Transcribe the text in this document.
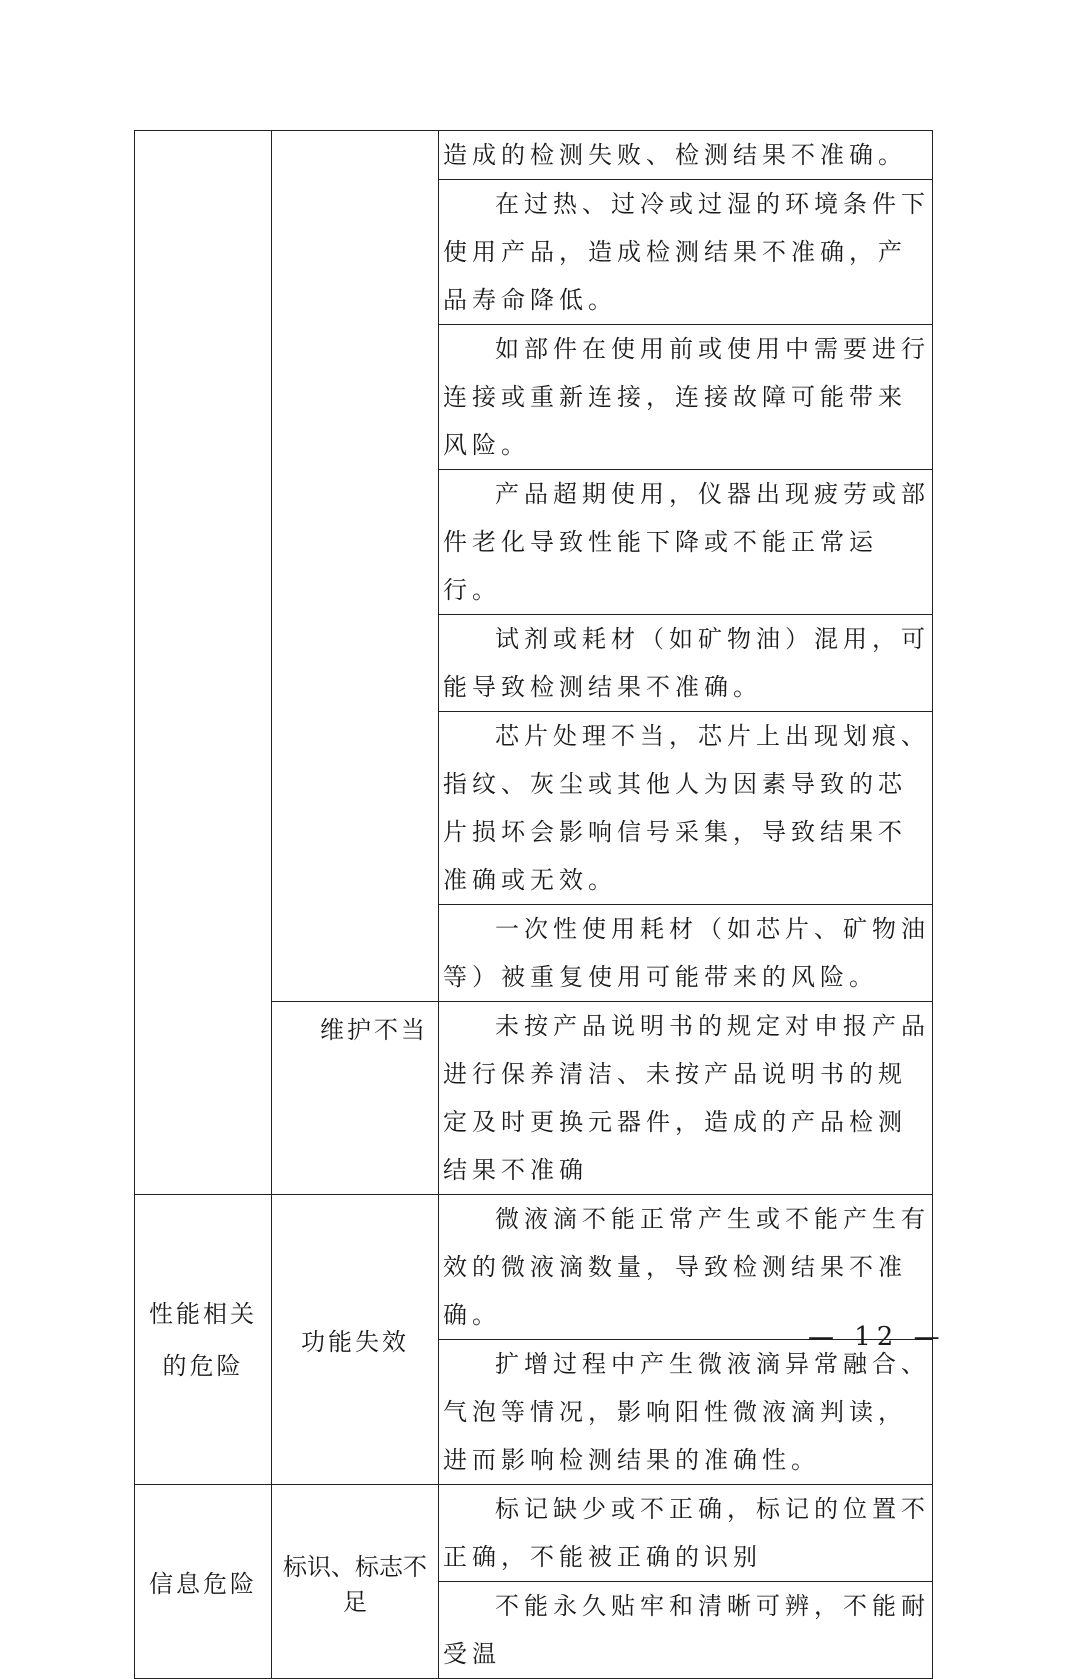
		造成的检测失败、检测结果不准确。

		在过热、过冷或过湿的环境条件下使用产品，造成检测结果不准确，产品寿命降低。

		如部件在使用前或使用中需要进行连接或重新连接，连接故障可能带来风险。

		产品超期使用，仪器出现疲劳或部件老化导致性能下降或不能正常运行。

		试剂或耗材（如矿物油）混用，可能导致检测结果不准确。

		芯片处理不当，芯片上出现划痕、指纹、灰尘或其他人为因素导致的芯片损坏会影响信号采集，导致结果不准确或无效。

		一次性使用耗材（如芯片、矿物油等）被重复使用可能带来的风险。

	维护不当	未按产品说明书的规定对申报产品进行保养清洁、未按产品说明书的规定及时更换元器件，造成的产品检测结果不准确

性能相关的危险	功能失效	微液滴不能正常产生或不能产生有效的微液滴数量，导致检测结果不准确。

		扩增过程中产生微液滴异常融合、气泡等情况，影响阳性微液滴判读，进而影响检测结果的准确性。

信息危险	标识、标志不足	标记缺少或不正确，标记的位置不正确，不能被正确的识别

		不能永久贴牢和清晰可辨，不能耐受温
— 12 —
